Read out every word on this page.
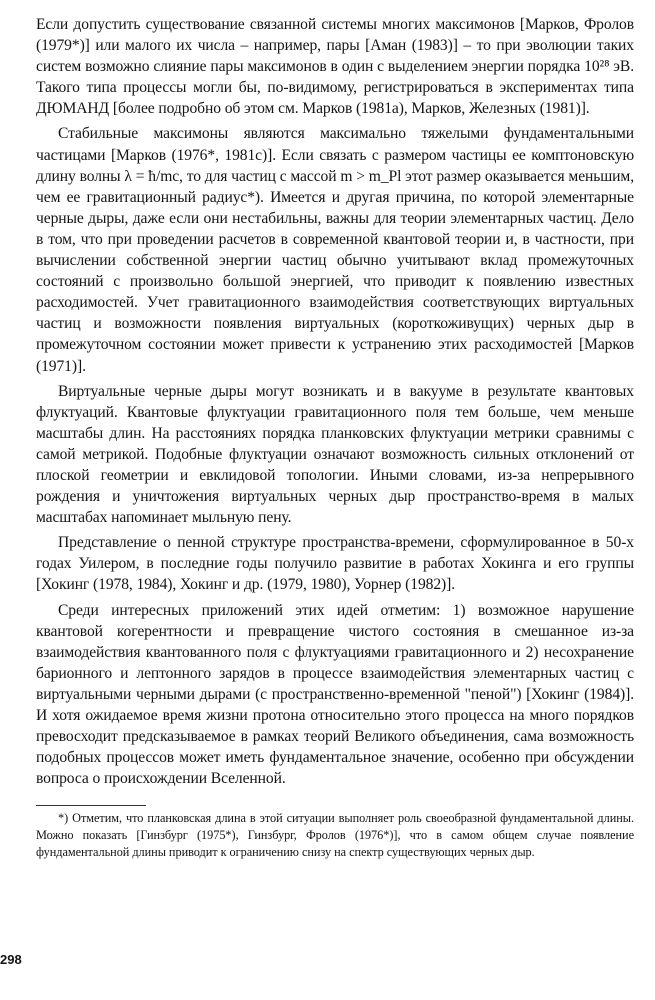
Если допустить существование связанной системы многих максимонов [Марков, Фролов (1979*)] или малого их числа – например, пары [Аман (1983)] – то при эволюции таких систем возможно слияние пары максимонов в один с выделением энергии порядка 10²⁸ эВ. Такого типа процессы могли бы, по-видимому, регистрироваться в экспериментах типа ДЮМАНД [более подробно об этом см. Марков (1981a), Марков, Железных (1981)].

Стабильные максимоны являются максимально тяжелыми фундаментальными частицами [Марков (1976*, 1981c)]. Если связать с размером частицы ее комптоновскую длину волны λ = ħ/mc, то для частиц с массой m > m_Pl этот размер оказывается меньшим, чем ее гравитационный радиус*). Имеется и другая причина, по которой элементарные черные дыры, даже если они нестабильны, важны для теории элементарных частиц. Дело в том, что при проведении расчетов в современной квантовой теории и, в частности, при вычислении собственной энергии частиц обычно учитывают вклад промежуточных состояний с произвольно большой энергией, что приводит к появлению известных расходимостей. Учет гравитационного взаимодействия соответствующих виртуальных частиц и возможности появления виртуальных (короткоживущих) черных дыр в промежуточном состоянии может привести к устранению этих расходимостей [Марков (1971)].

Виртуальные черные дыры могут возникать и в вакууме в результате квантовых флуктуаций. Квантовые флуктуации гравитационного поля тем больше, чем меньше масштабы длин. На расстояниях порядка планковских флуктуации метрики сравнимы с самой метрикой. Подобные флуктуации означают возможность сильных отклонений от плоской геометрии и евклидовой топологии. Иными словами, из-за непрерывного рождения и уничтожения виртуальных черных дыр пространство-время в малых масштабах напоминает мыльную пену.

Представление о пенной структуре пространства-времени, сформулированное в 50-х годах Уилером, в последние годы получило развитие в работах Хокинга и его группы [Хокинг (1978, 1984), Хокинг и др. (1979, 1980), Уорнер (1982)].

Среди интересных приложений этих идей отметим: 1) возможное нарушение квантовой когерентности и превращение чистого состояния в смешанное из-за взаимодействия квантованного поля с флуктуациями гравитационного и 2) несохранение барионного и лептонного зарядов в процессе взаимодействия элементарных частиц с виртуальными черными дырами (с пространственно-временной "пеной") [Хокинг (1984)]. И хотя ожидаемое время жизни протона относительно этого процесса на много порядков превосходит предсказываемое в рамках теорий Великого объединения, сама возможность подобных процессов может иметь фундаментальное значение, особенно при обсуждении вопроса о происхождении Вселенной.

*) Отметим, что планковская длина в этой ситуации выполняет роль своеобразной фундаментальной длины. Можно показать [Гинзбург (1975*), Гинзбург, Фролов (1976*)], что в самом общем случае появление фундаментальной длины приводит к ограничению снизу на спектр существующих черных дыр.

298
